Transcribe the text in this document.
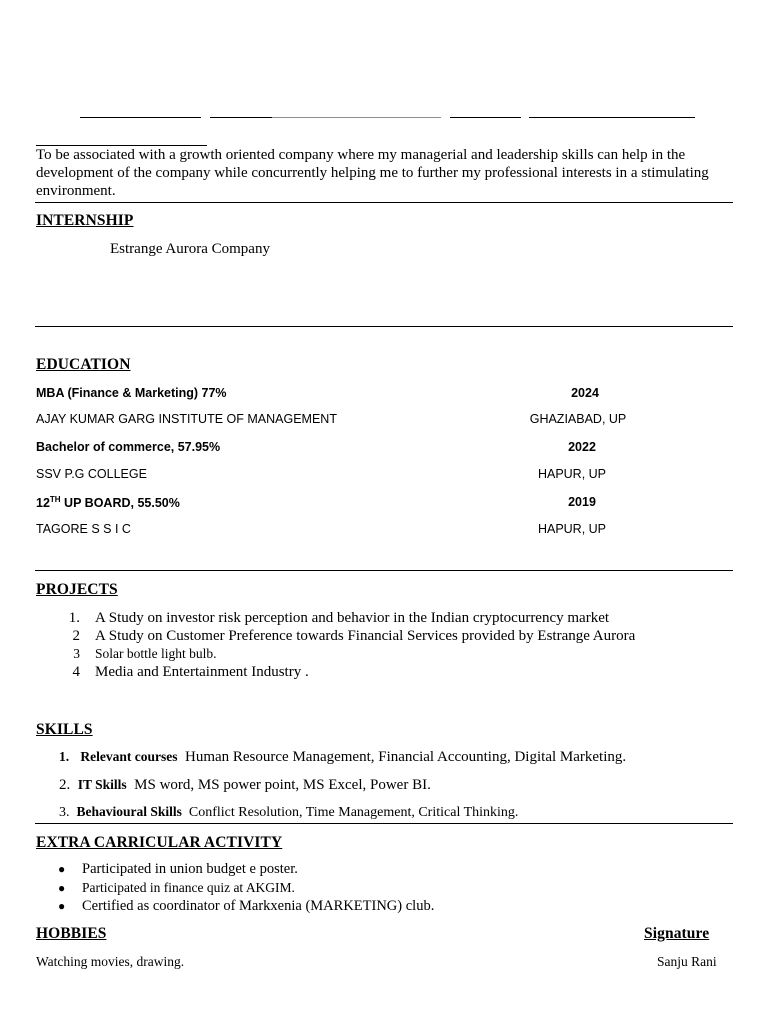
To be associated with a growth oriented company where my managerial and leadership skills can help in the
development of the company while concurrently helping me to further my professional interests in a stimulating
environment.
INTERNSHIP
Estrange Aurora Company
EDUCATION
MBA (Finance & Marketing) 77%	2024
AJAY KUMAR GARG INSTITUTE OF MANAGEMENT	GHAZIABAD, UP
Bachelor of commerce, 57.95%	2022
SSV P.G COLLEGE	HAPUR, UP
12TH UP BOARD, 55.50%	2019
TAGORE S S I C	HAPUR, UP
PROJECTS
1. A Study on investor risk perception and behavior in the Indian cryptocurrency market
2 A Study on Customer Preference towards Financial Services provided by Estrange Aurora
3 Solar bottle light bulb.
4 Media and Entertainment Industry .
SKILLS
1. Relevant courses Human Resource Management, Financial Accounting, Digital Marketing.
2. IT Skills MS word, MS power point, MS Excel, Power BI.
3. Behavioural Skills Conflict Resolution, Time Management, Critical Thinking.
EXTRA CARRICULAR ACTIVITY
● Participated in union budget e poster.
● Participated in finance quiz at AKGIM.
● Certified as coordinator of Markxenia (MARKETING) club.
HOBBIES	Signature
Watching movies, drawing.	Sanju Rani
